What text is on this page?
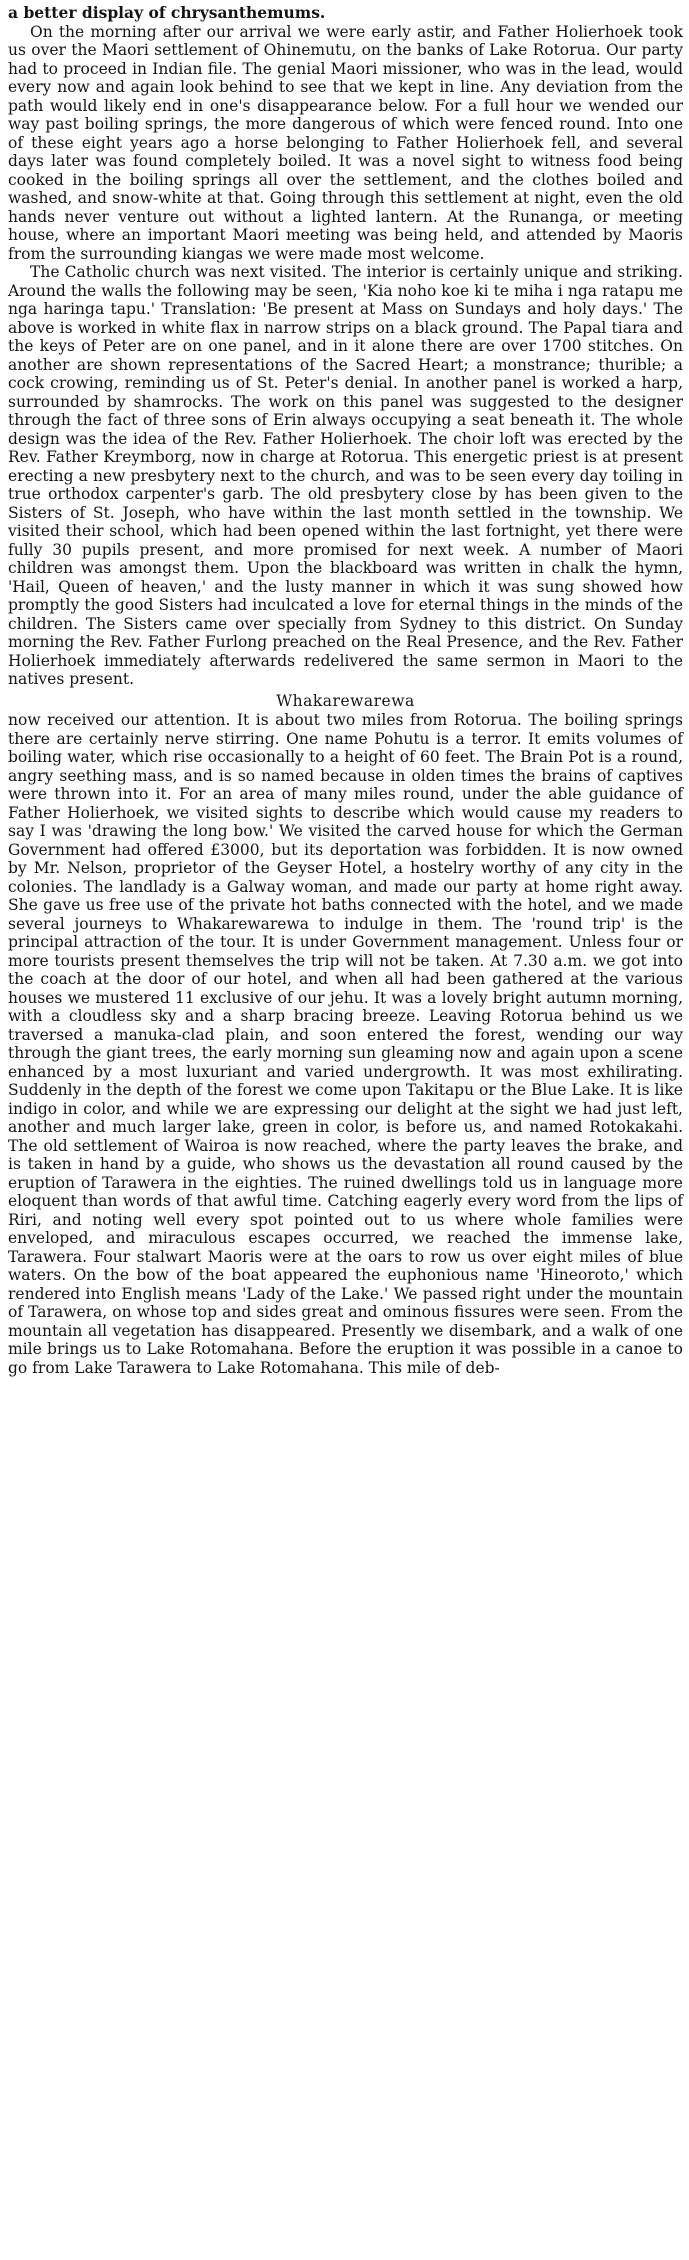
a better display of chrysanthemums.

On the morning after our arrival we were early astir, and Father Holierhoek took us over the Maori settlement of Ohinemutu, on the banks of Lake Rotorua. Our party had to proceed in Indian file. The genial Maori missioner, who was in the lead, would every now and again look behind to see that we kept in line. Any deviation from the path would likely end in one's disappearance below. For a full hour we wended our way past boiling springs, the more dangerous of which were fenced round. Into one of these eight years ago a horse belonging to Father Holierhoek fell, and several days later was found completely boiled. It was a novel sight to witness food being cooked in the boiling springs all over the settlement, and the clothes boiled and washed, and snow-white at that. Going through this settlement at night, even the old hands never venture out without a lighted lantern. At the Runanga, or meeting house, where an important Maori meeting was being held, and attended by Maoris from the surrounding kiangas we were made most welcome.

The Catholic church was next visited. The interior is certainly unique and striking. Around the walls the following may be seen, 'Kia noho koe ki te miha i nga ratapu me nga haringa tapu.' Translation: 'Be present at Mass on Sundays and holy days.' The above is worked in white flax in narrow strips on a black ground. The Papal tiara and the keys of Peter are on one panel, and in it alone there are over 1700 stitches. On another are shown representations of the Sacred Heart; a monstrance; thurible; a cock crowing, reminding us of St. Peter's denial. In another panel is worked a harp, surrounded by shamrocks. The work on this panel was suggested to the designer through the fact of three sons of Erin always occupying a seat beneath it. The whole design was the idea of the Rev. Father Holierhoek. The choir loft was erected by the Rev. Father Kreymborg, now in charge at Rotorua. This energetic priest is at present erecting a new presbytery next to the church, and was to be seen every day toiling in true orthodox carpenter's garb. The old presbytery close by has been given to the Sisters of St. Joseph, who have within the last month settled in the township. We visited their school, which had been opened within the last fortnight, yet there were fully 30 pupils present, and more promised for next week. A number of Maori children was amongst them. Upon the blackboard was written in chalk the hymn, 'Hail, Queen of heaven,' and the lusty manner in which it was sung showed how promptly the good Sisters had inculcated a love for eternal things in the minds of the children. The Sisters came over specially from Sydney to this district. On Sunday morning the Rev. Father Furlong preached on the Real Presence, and the Rev. Father Holierhoek immediately afterwards redelivered the same sermon in Maori to the natives present.

Whakarewarewa

now received our attention. It is about two miles from Rotorua. The boiling springs there are certainly nerve stirring. One name Pohutu is a terror. It emits volumes of boiling water, which rise occasionally to a height of 60 feet. The Brain Pot is a round, angry seething mass, and is so named because in olden times the brains of captives were thrown into it. For an area of many miles round, under the able guidance of Father Holierhoek, we visited sights to describe which would cause my readers to say I was 'drawing the long bow.' We visited the carved house for which the German Government had offered £3000, but its deportation was forbidden. It is now owned by Mr. Nelson, proprietor of the Geyser Hotel, a hostelry worthy of any city in the colonies. The landlady is a Galway woman, and made our party at home right away. She gave us free use of the private hot baths connected with the hotel, and we made several journeys to Whakarewarewa to indulge in them. The 'round trip' is the principal attraction of the tour. It is under Government management. Unless four or more tourists present themselves the trip will not be taken. At 7.30 a.m. we got into the coach at the door of our hotel, and when all had been gathered at the various houses we mustered 11 exclusive of our jehu. It was a lovely bright autumn morning, with a cloudless sky and a sharp bracing breeze. Leaving Rotorua behind us we traversed a manuka-clad plain, and soon entered the forest, wending our way through the giant trees, the early morning sun gleaming now and again upon a scene enhanced by a most luxuriant and varied undergrowth. It was most exhilirating. Suddenly in the depth of the forest we come upon Takitapu or the Blue Lake. It is like indigo in color, and while we are expressing our delight at the sight we had just left, another and much larger lake, green in color, is before us, and named Rotokakahi. The old settlement of Wairoa is now reached, where the party leaves the brake, and is taken in hand by a guide, who shows us the devastation all round caused by the eruption of Tarawera in the eighties. The ruined dwellings told us in language more eloquent than words of that awful time. Catching eagerly every word from the lips of Riri, and noting well every spot pointed out to us where whole families were enveloped, and miraculous escapes occurred, we reached the immense lake, Tarawera. Four stalwart Maoris were at the oars to row us over eight miles of blue waters. On the bow of the boat appeared the euphonious name 'Hineoroto,' which rendered into English means 'Lady of the Lake.' We passed right under the mountain of Tarawera, on whose top and sides great and ominous fissures were seen. From the mountain all vegetation has disappeared. Presently we disembark, and a walk of one mile brings us to Lake Rotomahana. Before the eruption it was possible in a canoe to go from Lake Tarawera to Lake Rotomahana. This mile of deb-
